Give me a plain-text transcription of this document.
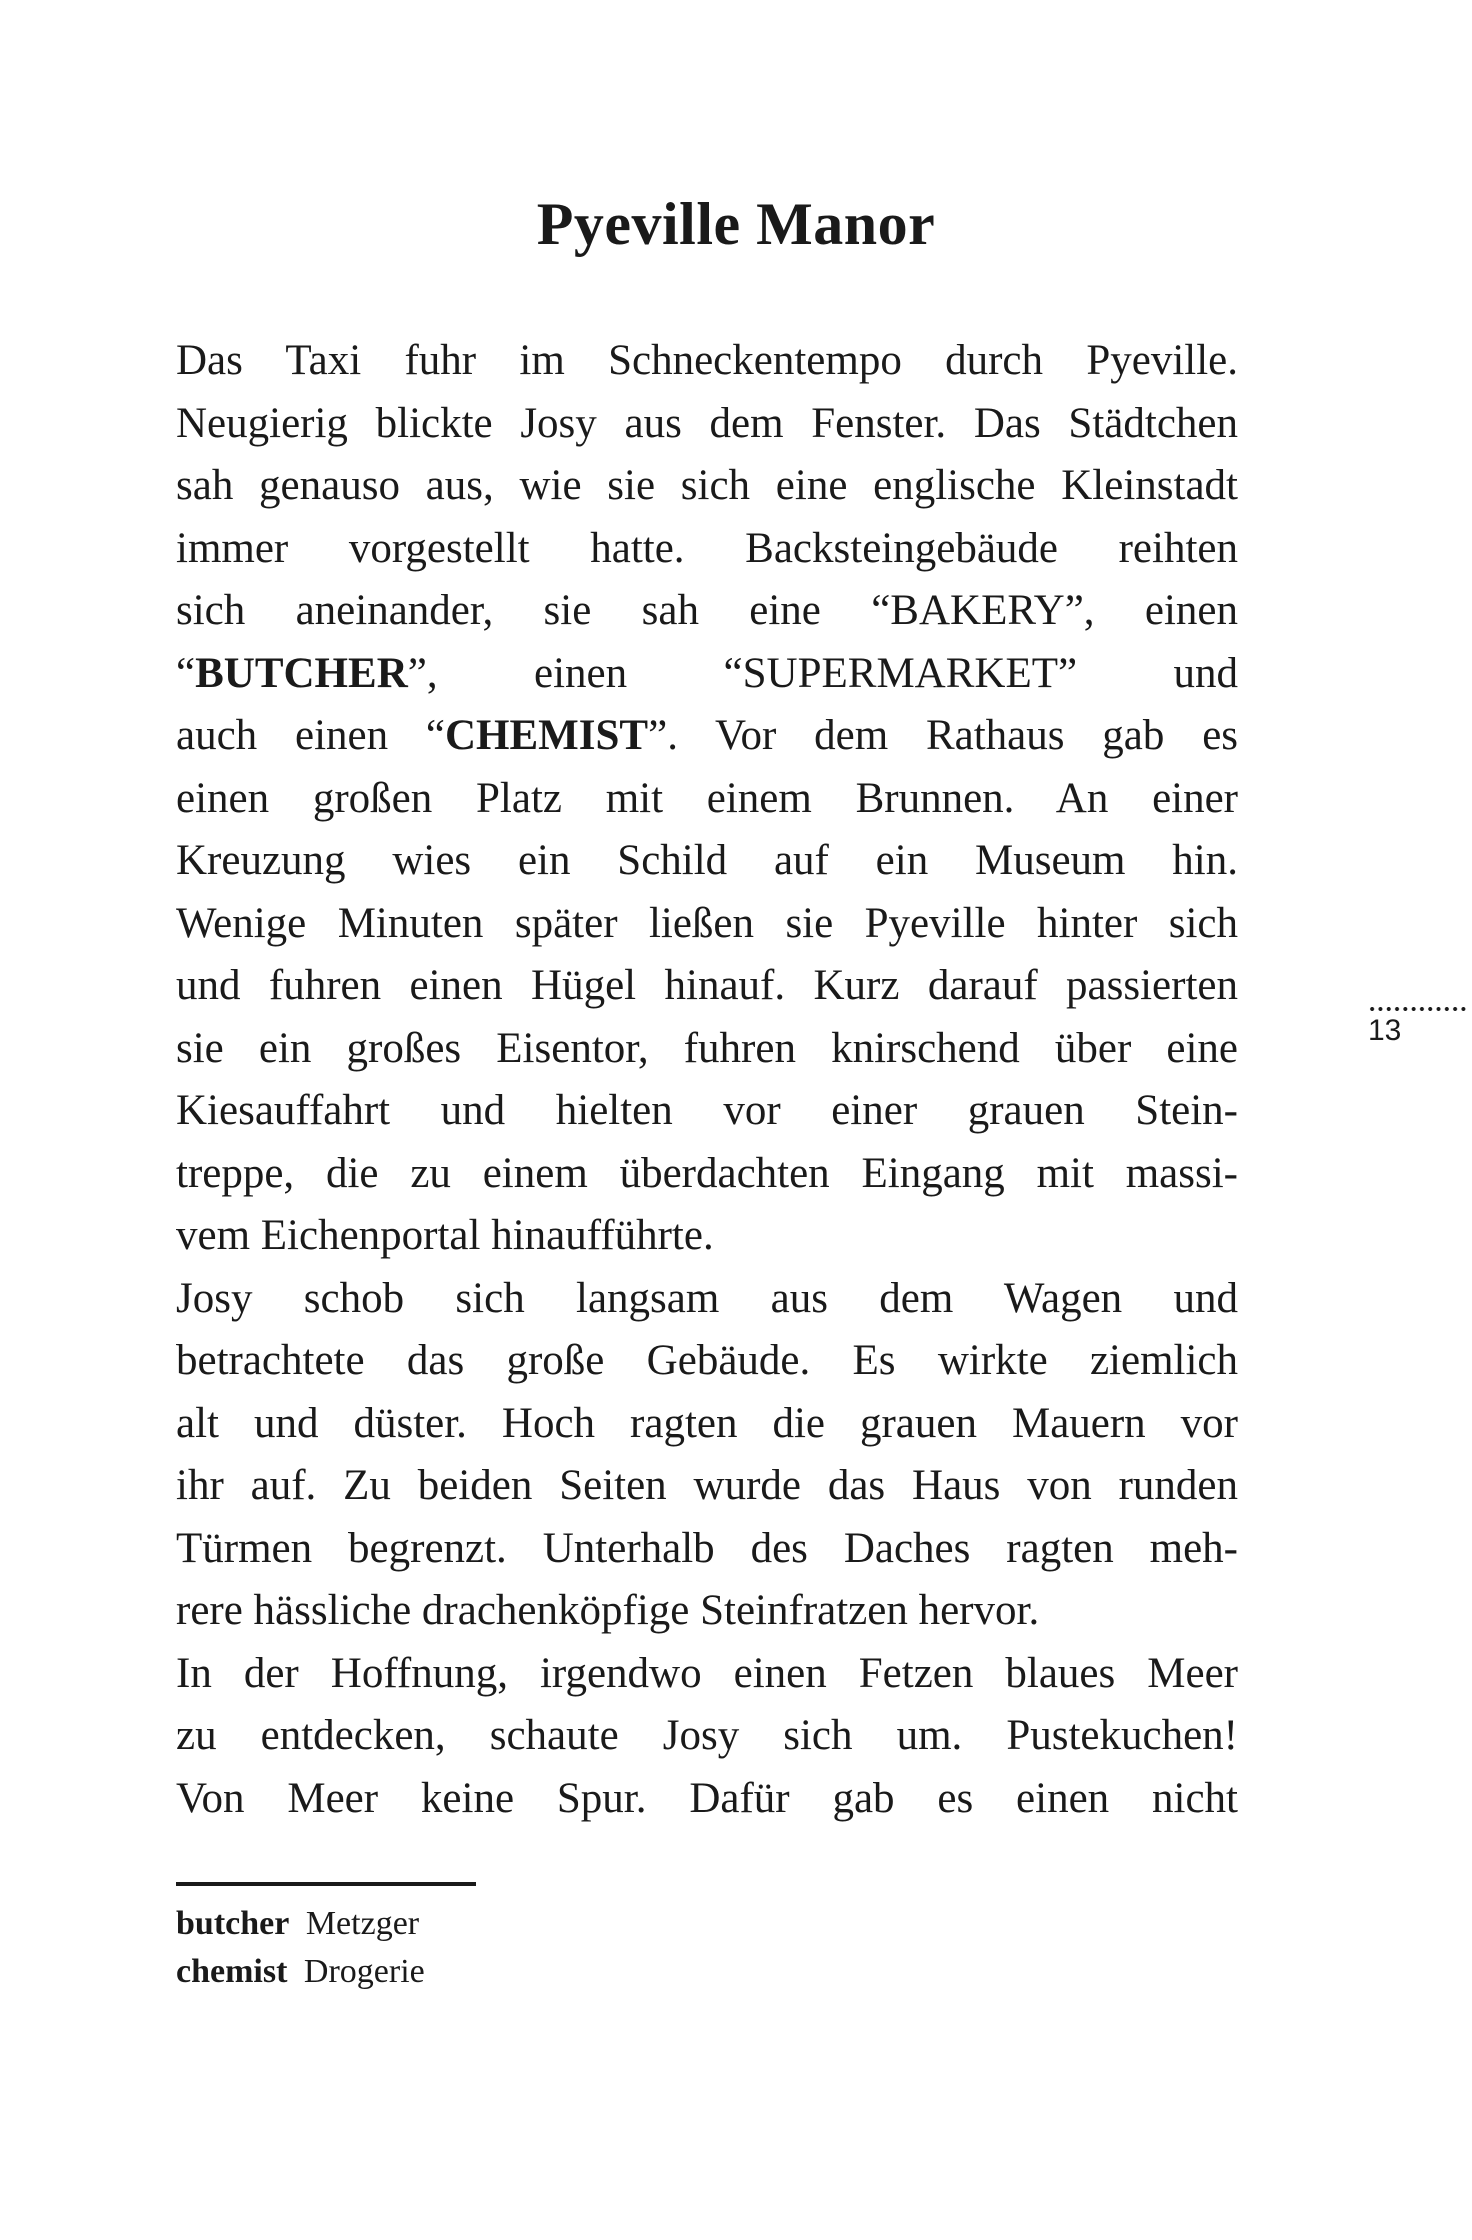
Pyeville Manor
Das Taxi fuhr im Schneckentempo durch Pyeville.
Neugierig blickte Josy aus dem Fenster. Das Städtchen
sah genauso aus, wie sie sich eine englische Kleinstadt
immer vorgestellt hatte. Backsteingebäude reihten
sich aneinander, sie sah eine “BAKERY”, einen
“BUTCHER”, einen “SUPERMARKET” und
auch einen “CHEMIST”. Vor dem Rathaus gab es
einen großen Platz mit einem Brunnen. An einer
Kreuzung wies ein Schild auf ein Museum hin.
Wenige Minuten später ließen sie Pyeville hinter sich
und fuhren einen Hügel hinauf. Kurz darauf passierten
sie ein großes Eisentor, fuhren knirschend über eine
Kiesauffahrt und hielten vor einer grauen Stein-
treppe, die zu einem überdachten Eingang mit massi-
vem Eichenportal hinaufführte.
Josy schob sich langsam aus dem Wagen und
betrachtete das große Gebäude. Es wirkte ziemlich
alt und düster. Hoch ragten die grauen Mauern vor
ihr auf. Zu beiden Seiten wurde das Haus von runden
Türmen begrenzt. Unterhalb des Daches ragten meh-
rere hässliche drachenköpfige Steinfratzen hervor.
In der Hoffnung, irgendwo einen Fetzen blaues Meer
zu entdecken, schaute Josy sich um. Pustekuchen!
Von Meer keine Spur. Dafür gab es einen nicht
butcher Metzger
chemist Drogerie
13
